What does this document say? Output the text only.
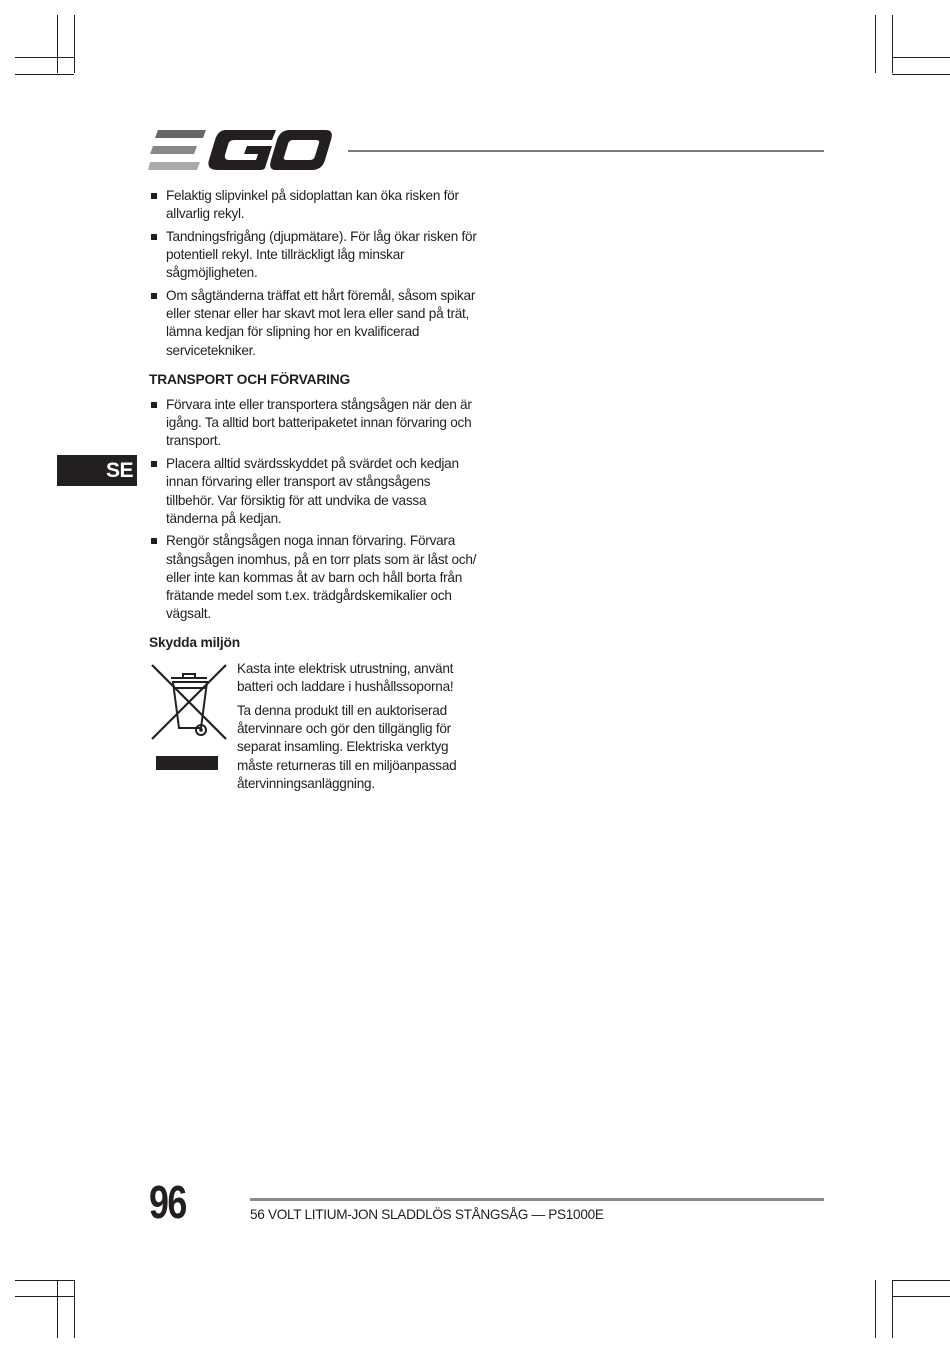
SE
Felaktig slipvinkel på sidoplattan kan öka risken för allvarlig rekyl.
Tandningsfrigång (djupmätare). För låg ökar risken för potentiell rekyl. Inte tillräckligt låg minskar sågmöjligheten.
Om sågtänderna träffat ett hårt föremål, såsom spikar eller stenar eller har skavt mot lera eller sand på trät, lämna kedjan för slipning hor en kvalificerad servicetekniker.
TRANSPORT OCH FÖRVARING
Förvara inte eller transportera stångsågen när den är igång. Ta alltid bort batteripaketet innan förvaring och transport.
Placera alltid svärdsskyddet på svärdet och kedjan innan förvaring eller transport av stångsågens tillbehör. Var försiktig för att undvika de vassa tänderna på kedjan.
Rengör stångsågen noga innan förvaring. Förvara stångsågen inomhus, på en torr plats som är låst och/ eller inte kan kommas åt av barn och håll borta från frätande medel som t.ex. trädgårdskemikalier och vägsalt.
Skydda miljön

Kasta inte elektrisk utrustning, använt batteri och laddare i hushållssoporna!

Ta denna produkt till en auktoriserad återvinnare och gör den tillgänglig för separat insamling. Elektriska verktyg måste returneras till en miljöanpassad återvinningsanläggning.

96	56 VOLT LITIUM-JON SLADDLÖS STÅNGSÅG — PS1000E
